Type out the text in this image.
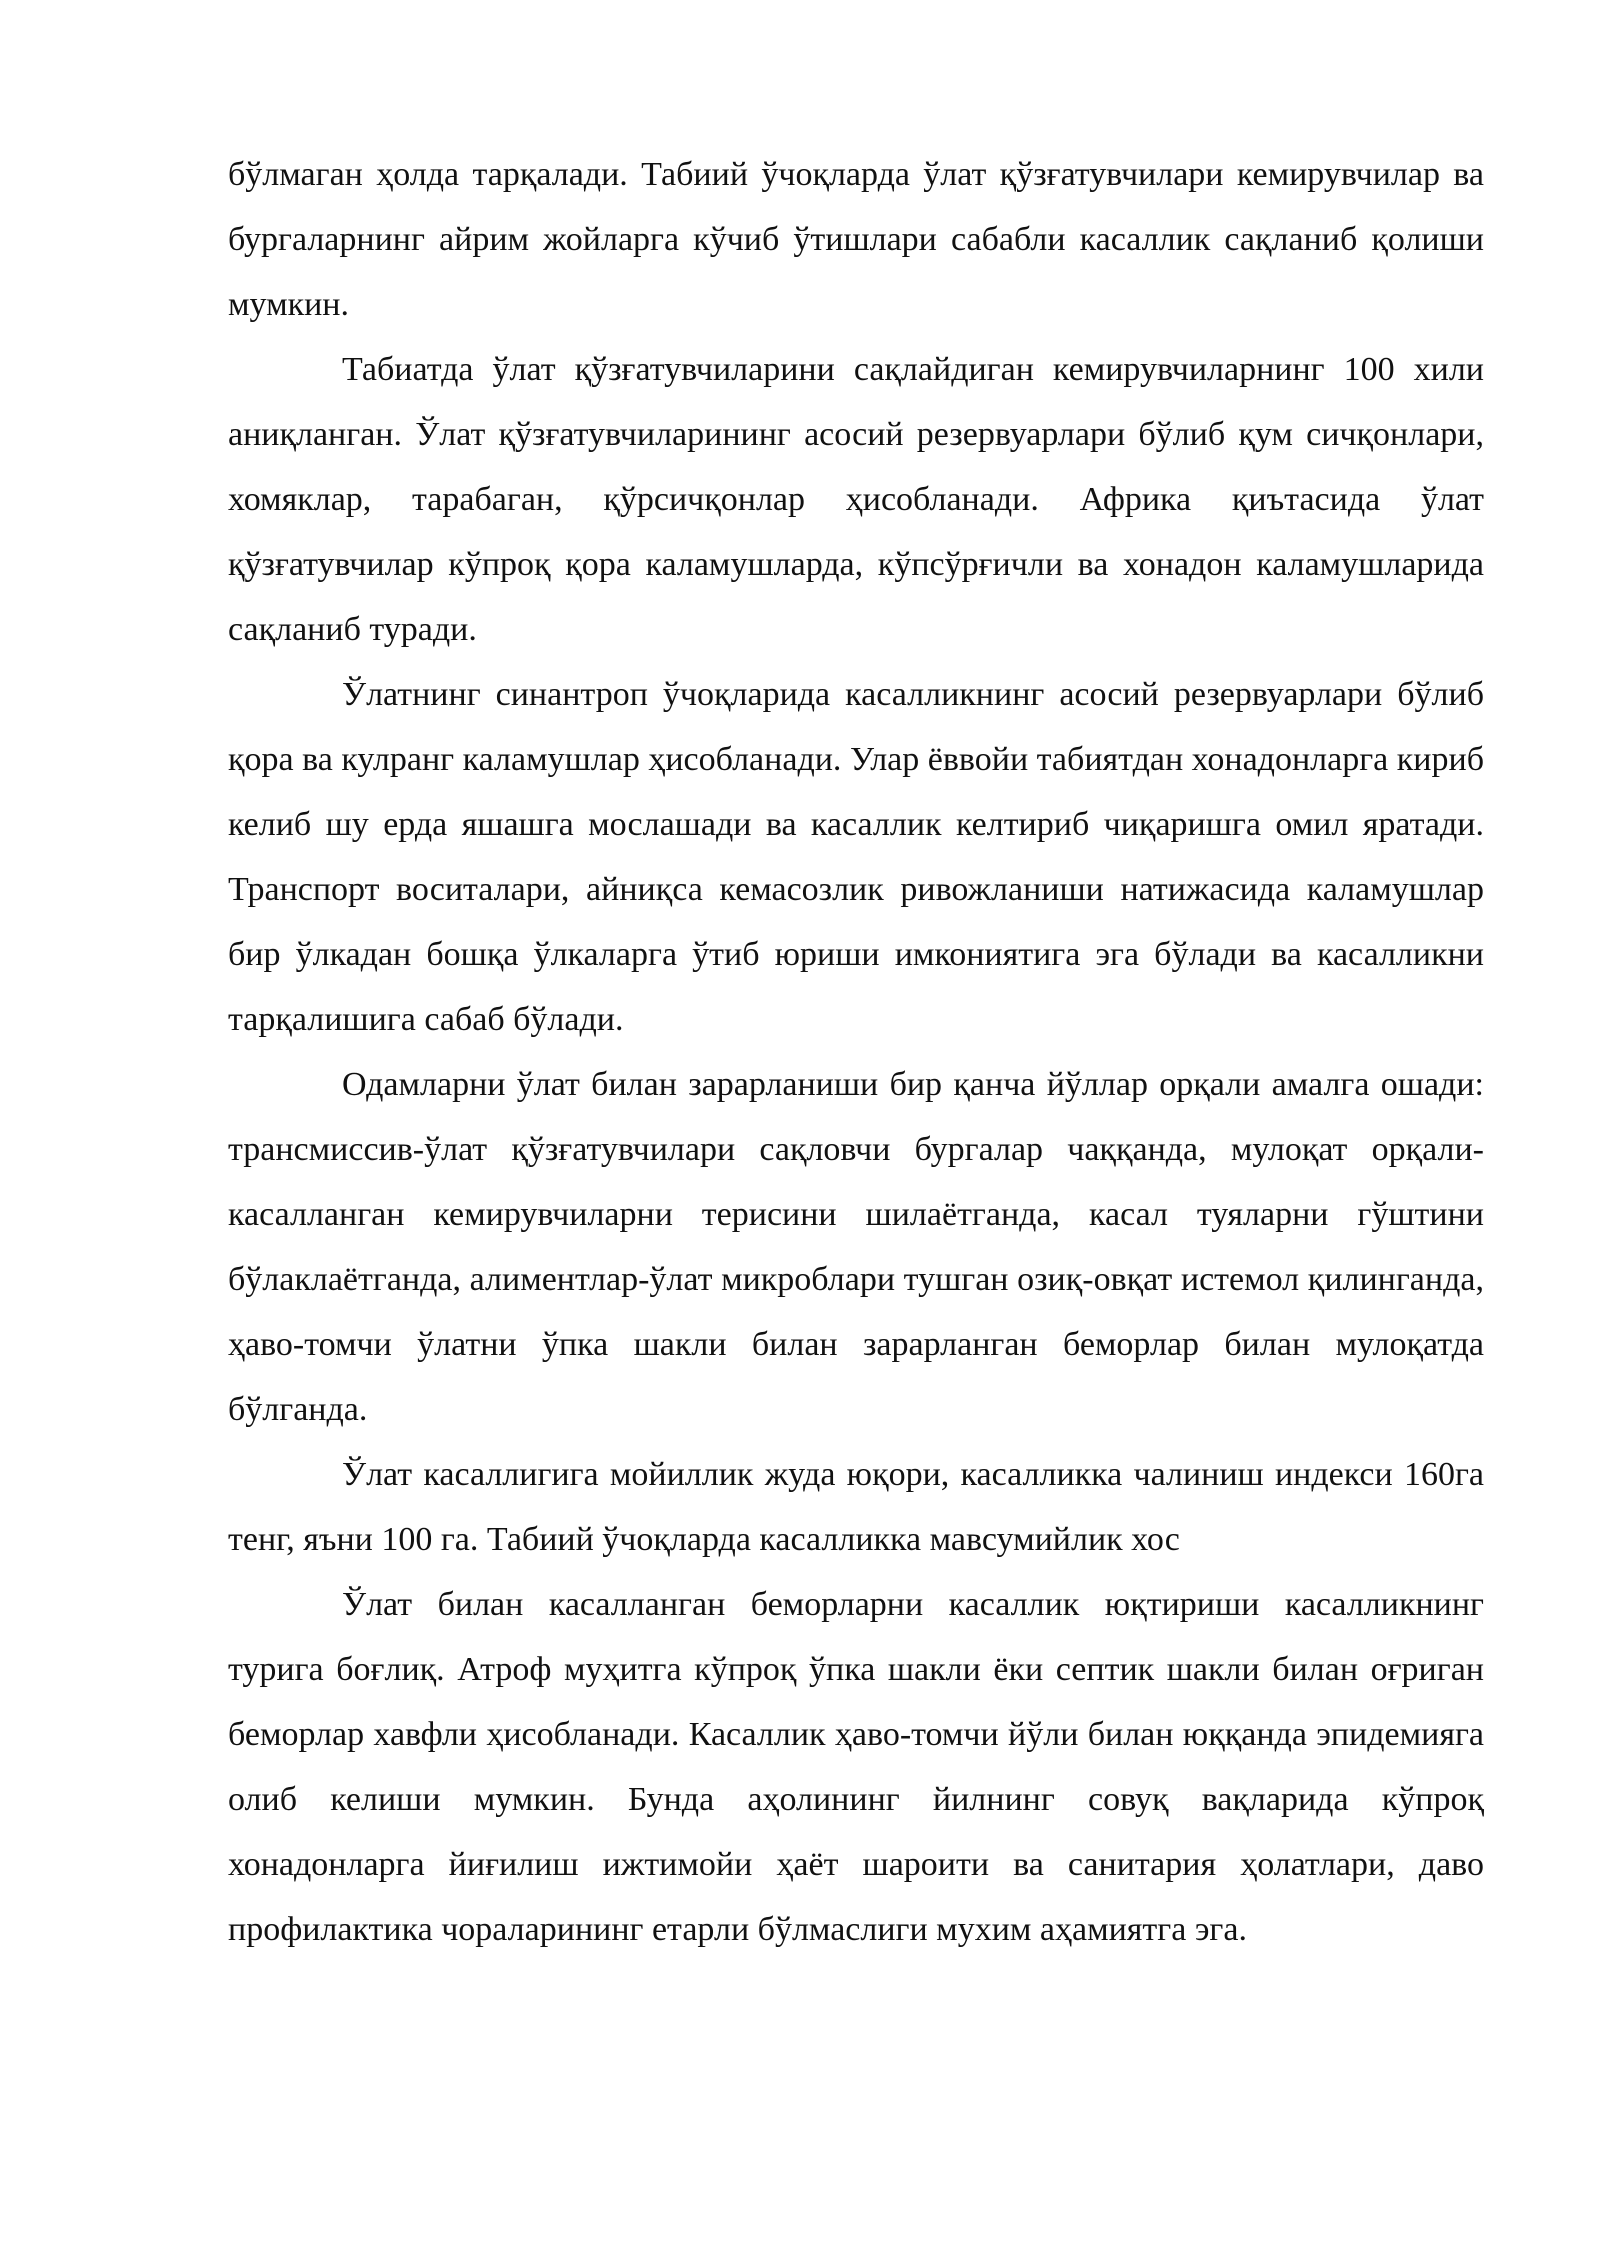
бўлмаган ҳолда тарқалади. Табиий ўчоқларда ўлат қўзғатувчилари кемирувчилар ва бургаларнинг айрим жойларга кўчиб ўтишлари сабабли касаллик сақланиб қолиши мумкин.

Табиатда ўлат қўзғатувчиларини сақлайдиган кемирувчиларнинг 100 хили аниқланган. Ўлат қўзғатувчиларининг асосий резервуарлари бўлиб қум сичқонлари, хомяклар, тарабаган, қўрсичқонлар ҳисобланади. Африка қиътасида ўлат қўзғатувчилар кўпроқ қора каламушларда, кўпсўрғичли ва хонадон каламушларида сақланиб туради.

Ўлатнинг синантроп ўчоқларида касалликнинг асосий резервуарлари бўлиб қора ва кулранг каламушлар ҳисобланади. Улар ёввойи табиятдан хонадонларга кириб келиб шу ерда яшашга мослашади ва касаллик келтириб чиқаришга омил яратади. Транспорт воситалари, айниқса кемасозлик ривожланиши натижасида каламушлар бир ўлкадан бошқа ўлкаларга ўтиб юриши имкониятига эга бўлади ва касалликни тарқалишига сабаб бўлади.

Одамларни ўлат билан зарарланиши бир қанча йўллар орқали амалга ошади: трансмиссив-ўлат қўзғатувчилари сақловчи бургалар чаққанда, мулоқат орқали-касалланган кемирувчиларни терисини шилаётганда, касал туяларни гўштини бўлаклаётганда, алиментлар-ўлат микроблари тушган озиқ-овқат истемол қилинганда, ҳаво-томчи ўлатни ўпка шакли билан зарарланган беморлар билан мулоқатда бўлганда.

Ўлат касаллигига мойиллик жуда юқори, касалликка чалиниш индекси 160га тенг, яъни 100 га. Табиий ўчоқларда касалликка мавсумийлик хос

Ўлат билан касалланган беморларни касаллик юқтириши касалликнинг турига боғлиқ. Атроф муҳитга кўпроқ ўпка шакли ёки септик шакли билан оғриган беморлар хавфли ҳисобланади. Касаллик ҳаво-томчи йўли билан юққанда эпидемияга олиб келиши мумкин. Бунда аҳолининг йилнинг совуқ вақларида кўпроқ хонадонларга йиғилиш ижтимойи ҳаёт шароити ва санитария ҳолатлари, даво профилактика чораларининг етарли бўлмаслиги мухим аҳамиятга эга.
